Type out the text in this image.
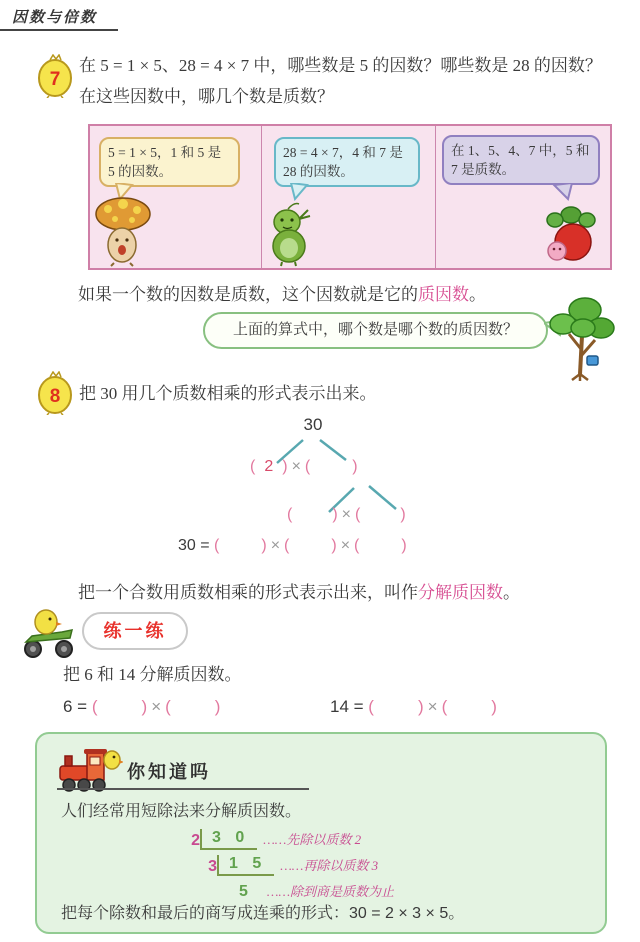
因数与倍数
7
在 5 = 1 × 5、28 = 4 × 7 中，哪些数是 5 的因数？哪些数是 28 的因数？在这些因数中，哪几个数是质数？
5 = 1 × 5，1 和 5 是 5 的因数。
28 = 4 × 7，4 和 7 是 28 的因数。
在 1、5、4、7 中，5 和 7 是质数。
如果一个数的因数是质数，这个因数就是它的质因数。
上面的算式中，哪个数是哪个数的质因数？
8 把 30 用几个质数相乘的形式表示出来。
30
( 2 ) × (	)
(	) × (	)
30 = (	) × (	) × (	)
把一个合数用质数相乘的形式表示出来，叫作分解质因数。
练一练
把 6 和 14 分解质因数。
6 = (	) × (	)	14 = (	) × (	)
你知道吗
人们经常用短除法来分解质因数。
2 3 0	……先除以质数 2
3 1 5	……再除以质数 3
5	……除到商是质数为止
把每个除数和最后的商写成连乘的形式：30 = 2 × 3 × 5。
